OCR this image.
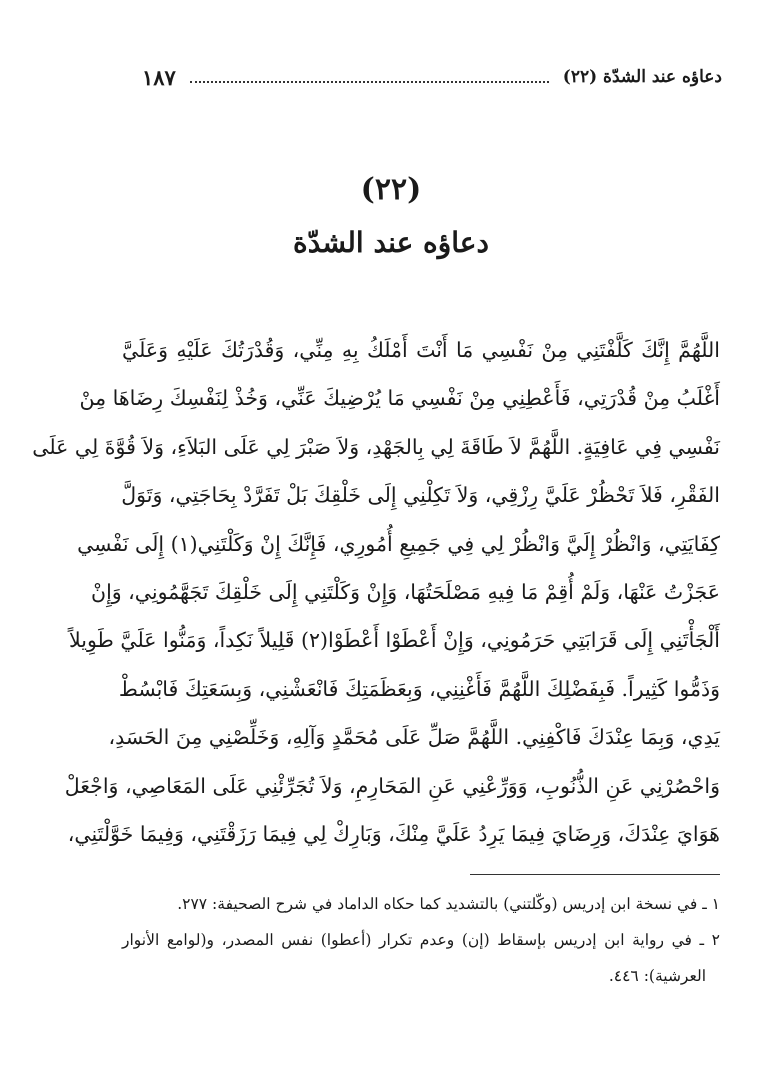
دعاؤه عند الشدّة (٢٢)
١٨٧
(٢٢)
دعاؤه عند الشدّة
اللَّهُمَّ إِنَّكَ كَلَّفْتَنِي مِنْ نَفْسِي مَا أَنْتَ أَمْلَكُ بِهِ مِنِّي، وَقُدْرَتُكَ عَلَيْهِ وَعَلَيَّ
أَغْلَبُ مِنْ قُدْرَتِي، فَأَعْطِنِي مِنْ نَفْسِي مَا يُرْضِيكَ عَنِّي، وَخُذْ لِنَفْسِكَ رِضَاهَا مِنْ
نَفْسِي فِي عَافِيَةٍ. اللَّهُمَّ لاَ طَاقَةَ لِي بِالجَهْدِ، وَلاَ صَبْرَ لِي عَلَى البَلاَءِ، وَلاَ قُوَّةَ لِي عَلَى
الفَقْرِ، فَلاَ تَحْظُرْ عَلَيَّ رِزْقِي، وَلاَ تَكِلْنِي إِلَى خَلْقِكَ بَلْ تَفَرَّدْ بِحَاجَتِي، وَتَوَلَّ
كِفَايَتِي، وَانْظُرْ إِلَيَّ وَانْظُرْ لِي فِي جَمِيعِ أُمُورِي، فَإِنَّكَ إِنْ وَكَلْتَنِي(١) إِلَى نَفْسِي
عَجَزْتُ عَنْهَا، وَلَمْ أُقِمْ مَا فِيهِ مَصْلَحَتُهَا، وَإِنْ وَكَلْتَنِي إِلَى خَلْقِكَ تَجَهَّمُونِي، وَإِنْ
أَلْجَأْتَنِي إِلَى قَرَابَتِي حَرَمُونِي، وَإِنْ أَعْطَوْا أَعْطَوْا(٢) قَلِيلاً نَكِداً، وَمَنُّوا عَلَيَّ طَوِيلاً
وَذَمُّوا كَثِيراً. فَبِفَضْلِكَ اللَّهُمَّ فَأَغْنِنِي، وَبِعَظَمَتِكَ فَانْعَشْنِي، وَبِسَعَتِكَ فَابْسُطْ
يَدِي، وَبِمَا عِنْدَكَ فَاكْفِنِي. اللَّهُمَّ صَلِّ عَلَى مُحَمَّدٍ وَآلِهِ، وَخَلِّصْنِي مِنَ الحَسَدِ،
وَاحْصُرْنِي عَنِ الذُّنُوبِ، وَوَرِّعْنِي عَنِ المَحَارِمِ، وَلاَ تُجَرِّئْنِي عَلَى المَعَاصِي، وَاجْعَلْ
هَوَايَ عِنْدَكَ، وَرِضَايَ فِيمَا يَرِدُ عَلَيَّ مِنْكَ، وَبَارِكْ لِي فِيمَا رَزَقْتَنِي، وَفِيمَا خَوَّلْتَنِي،
١ ـ في نسخة ابن إدريس (وكّلتني) بالتشديد كما حكاه الداماد في شرح الصحيفة: ٢٧٧.
٢ ـ في رواية ابن إدريس بإسقاط (إن) وعدم تكرار (أعطوا) نفس المصدر، و(لوامع الأنوار
العرشية): ٤٤٦.
